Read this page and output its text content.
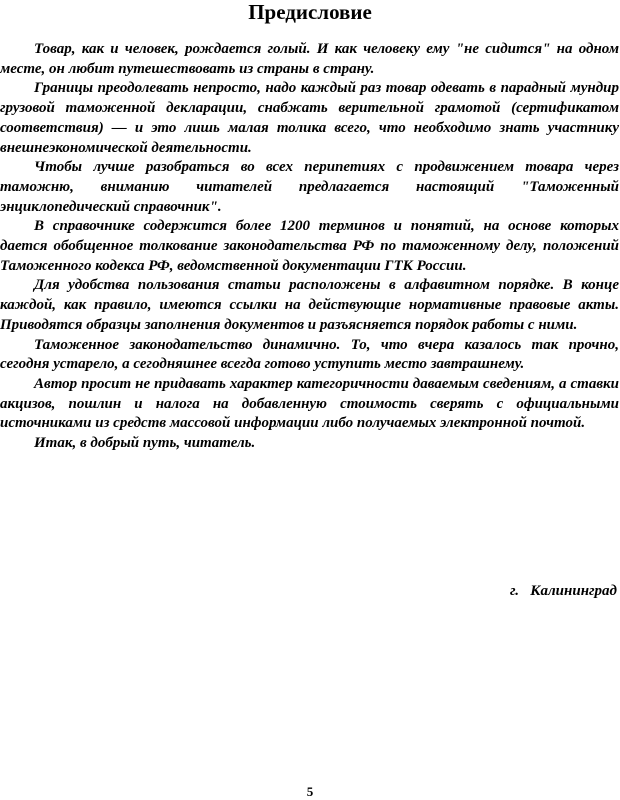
Предисловие

Товар, как и человек, рождается голый. И как человеку ему "не сидится" на одном месте, он любит путешествовать из страны в страну.

Границы преодолевать непросто, надо каждый раз товар одевать в парадный мундир грузовой таможенной декларации, снабжать верительной грамотой (сертификатом соответствия) — и это лишь малая толика всего, что необходимо знать участнику внешнеэкономической деятельности.

Чтобы лучше разобраться во всех перипетиях с продвижением товара через таможню, вниманию читателей предлагается настоящий "Таможенный энциклопедический справочник".

В справочнике содержится более 1200 терминов и понятий, на основе которых дается обобщенное толкование законодательства РФ по таможенному делу, положений Таможенного кодекса РФ, ведомственной документации ГТК России.

Для удобства пользования статьи расположены в алфавитном порядке. В конце каждой, как правило, имеются ссылки на действующие нормативные правовые акты. Приводятся образцы заполнения документов и разъясняется порядок работы с ними.

Таможенное законодательство динамично. То, что вчера казалось так прочно, сегодня устарело, а сегодняшнее всегда готово уступить место завтрашнему.

Автор просит не придавать характер категоричности даваемым сведениям, а ставки акцизов, пошлин и налога на добавленную стоимость сверять с официальными источниками из средств массовой информации либо получаемых электронной почтой.

Итак, в добрый путь, читатель.

г.   Калининград
5
